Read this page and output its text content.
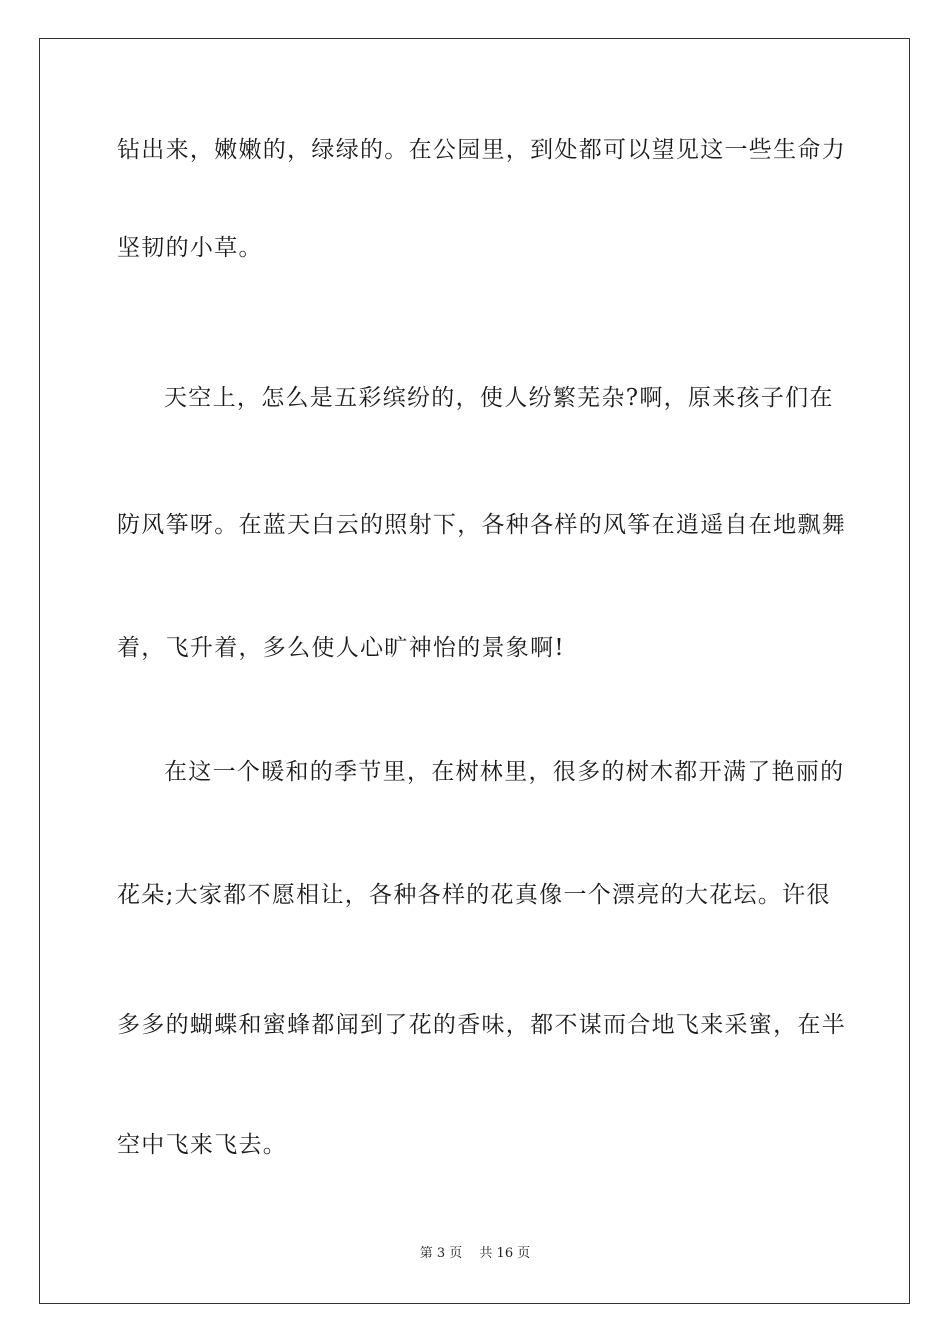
钻出来，嫩嫩的，绿绿的。在公园里，到处都可以望见这一些生命力
坚韧的小草。
天空上，怎么是五彩缤纷的，使人纷繁芜杂?啊，原来孩子们在
防风筝呀。在蓝天白云的照射下，各种各样的风筝在逍遥自在地飘舞
着，飞升着，多么使人心旷神怡的景象啊!
在这一个暖和的季节里，在树林里，很多的树木都开满了艳丽的
花朵;大家都不愿相让，各种各样的花真像一个漂亮的大花坛。许很
多多的蝴蝶和蜜蜂都闻到了花的香味，都不谋而合地飞来采蜜，在半
空中飞来飞去。
第 3 页　 共 16 页
